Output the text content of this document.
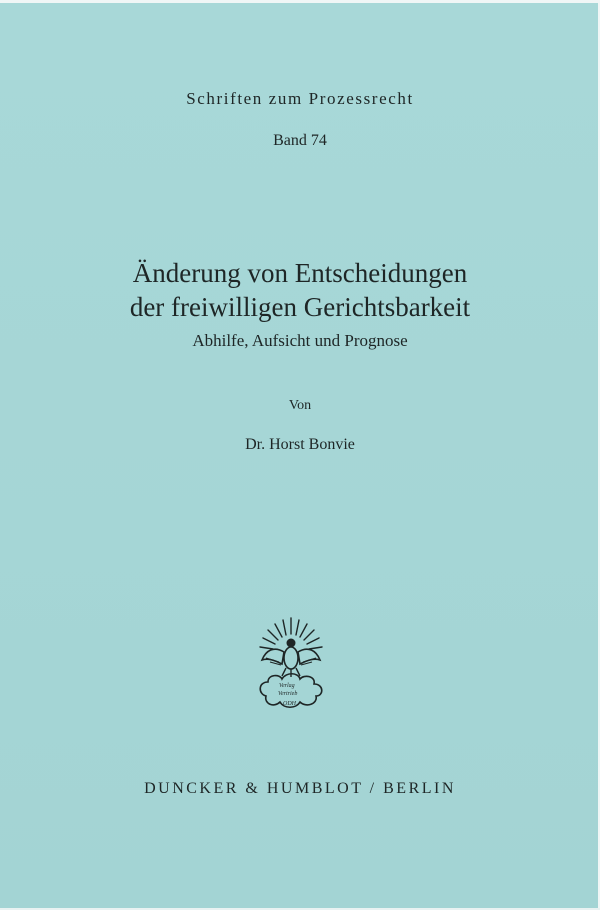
Schriften zum Prozessrecht
Band 74
Änderung von Entscheidungen
der freiwilligen Gerichtsbarkeit
Abhilfe, Aufsicht und Prognose
Von
Dr. Horst Bonvie
Verlag
Vertrieb
ODH
DUNCKER & HUMBLOT / BERLIN
